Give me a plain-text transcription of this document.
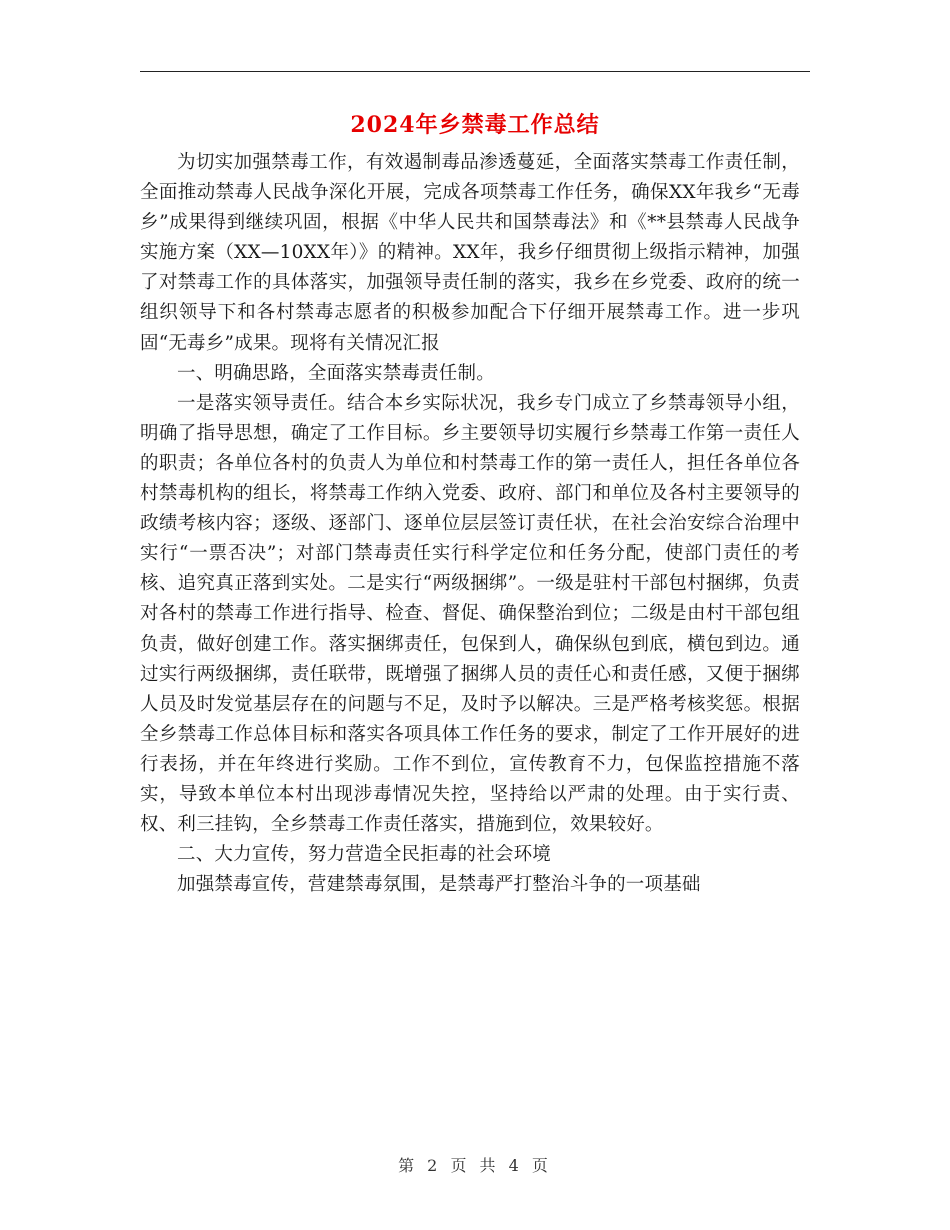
2024年乡禁毒工作总结

为切实加强禁毒工作，有效遏制毒品渗透蔓延，全面落实禁毒工作责任制，全面推动禁毒人民战争深化开展，完成各项禁毒工作任务，确保XX年我乡“无毒乡”成果得到继续巩固，根据《中华人民共和国禁毒法》和《**县禁毒人民战争实施方案（XX—10XX年）》的精神。XX年，我乡仔细贯彻上级指示精神，加强了对禁毒工作的具体落实，加强领导责任制的落实，我乡在乡党委、政府的统一组织领导下和各村禁毒志愿者的积极参加配合下仔细开展禁毒工作。进一步巩固“无毒乡”成果。现将有关情况汇报

一、明确思路，全面落实禁毒责任制。

一是落实领导责任。结合本乡实际状况，我乡专门成立了乡禁毒领导小组，明确了指导思想，确定了工作目标。乡主要领导切实履行乡禁毒工作第一责任人的职责；各单位各村的负责人为单位和村禁毒工作的第一责任人，担任各单位各村禁毒机构的组长，将禁毒工作纳入党委、政府、部门和单位及各村主要领导的政绩考核内容；逐级、逐部门、逐单位层层签订责任状，在社会治安综合治理中实行“一票否决”；对部门禁毒责任实行科学定位和任务分配，使部门责任的考核、追究真正落到实处。二是实行“两级捆绑”。一级是驻村干部包村捆绑，负责对各村的禁毒工作进行指导、检查、督促、确保整治到位；二级是由村干部包组负责，做好创建工作。落实捆绑责任，包保到人，确保纵包到底，横包到边。通过实行两级捆绑，责任联带，既增强了捆绑人员的责任心和责任感，又便于捆绑人员及时发觉基层存在的问题与不足，及时予以解决。三是严格考核奖惩。根据全乡禁毒工作总体目标和落实各项具体工作任务的要求，制定了工作开展好的进行表扬，并在年终进行奖励。工作不到位，宣传教育不力，包保监控措施不落实，导致本单位本村出现涉毒情况失控，坚持给以严肃的处理。由于实行责、权、利三挂钩，全乡禁毒工作责任落实，措施到位，效果较好。

二、大力宣传，努力营造全民拒毒的社会环境

加强禁毒宣传，营建禁毒氛围，是禁毒严打整治斗争的一项基础

第 2 页 共 4 页
